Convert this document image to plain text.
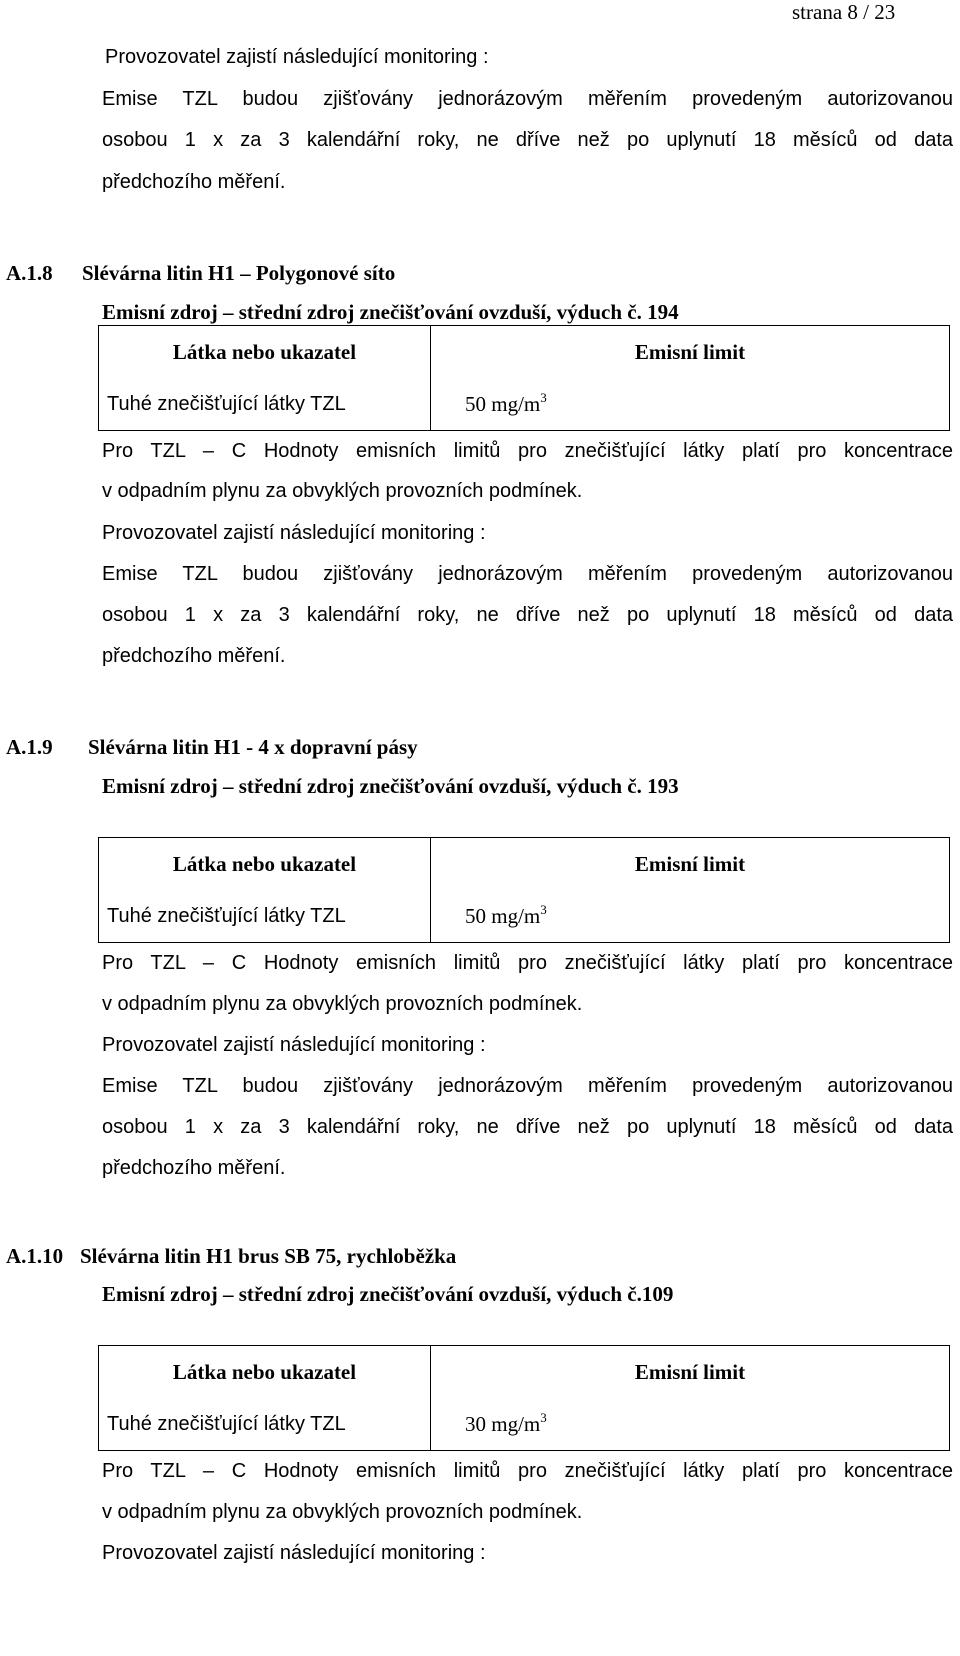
strana 8 / 23
Provozovatel zajistí následující monitoring :
Emise TZL budou zjišťovány jednorázovým měřením provedeným autorizovanou
osobou 1 x za 3 kalendářní roky, ne dříve než po uplynutí 18 měsíců od data
předchozího měření.
A.1.8 Slévárna litin H1 – Polygonové síto
Emisní zdroj – střední zdroj znečišťování ovzduší, výduch č. 194
Látka nebo ukazatel	Emisní limit
Tuhé znečišťující látky TZL	50 $mg/m^3$
Pro TZL – C Hodnoty emisních limitů pro znečišťující látky platí pro koncentrace
v odpadním plynu za obvyklých provozních podmínek.
Provozovatel zajistí následující monitoring :
Emise TZL budou zjišťovány jednorázovým měřením provedeným autorizovanou
osobou 1 x za 3 kalendářní roky, ne dříve než po uplynutí 18 měsíců od data
předchozího měření.
A.1.9 Slévárna litin H1 - 4 x dopravní pásy
Emisní zdroj – střední zdroj znečišťování ovzduší, výduch č. 193
Látka nebo ukazatel	Emisní limit
Tuhé znečišťující látky TZL	50 $mg/m^3$
Pro TZL – C Hodnoty emisních limitů pro znečišťující látky platí pro koncentrace
v odpadním plynu za obvyklých provozních podmínek.
Provozovatel zajistí následující monitoring :
Emise TZL budou zjišťovány jednorázovým měřením provedeným autorizovanou
osobou 1 x za 3 kalendářní roky, ne dříve než po uplynutí 18 měsíců od data
předchozího měření.
A.1.10 Slévárna litin H1 brus SB 75, rychloběžka
Emisní zdroj – střední zdroj znečišťování ovzduší, výduch č.109
Látka nebo ukazatel	Emisní limit
Tuhé znečišťující látky TZL	30 $mg/m^3$
Pro TZL – C Hodnoty emisních limitů pro znečišťující látky platí pro koncentrace
v odpadním plynu za obvyklých provozních podmínek.
Provozovatel zajistí následující monitoring :
